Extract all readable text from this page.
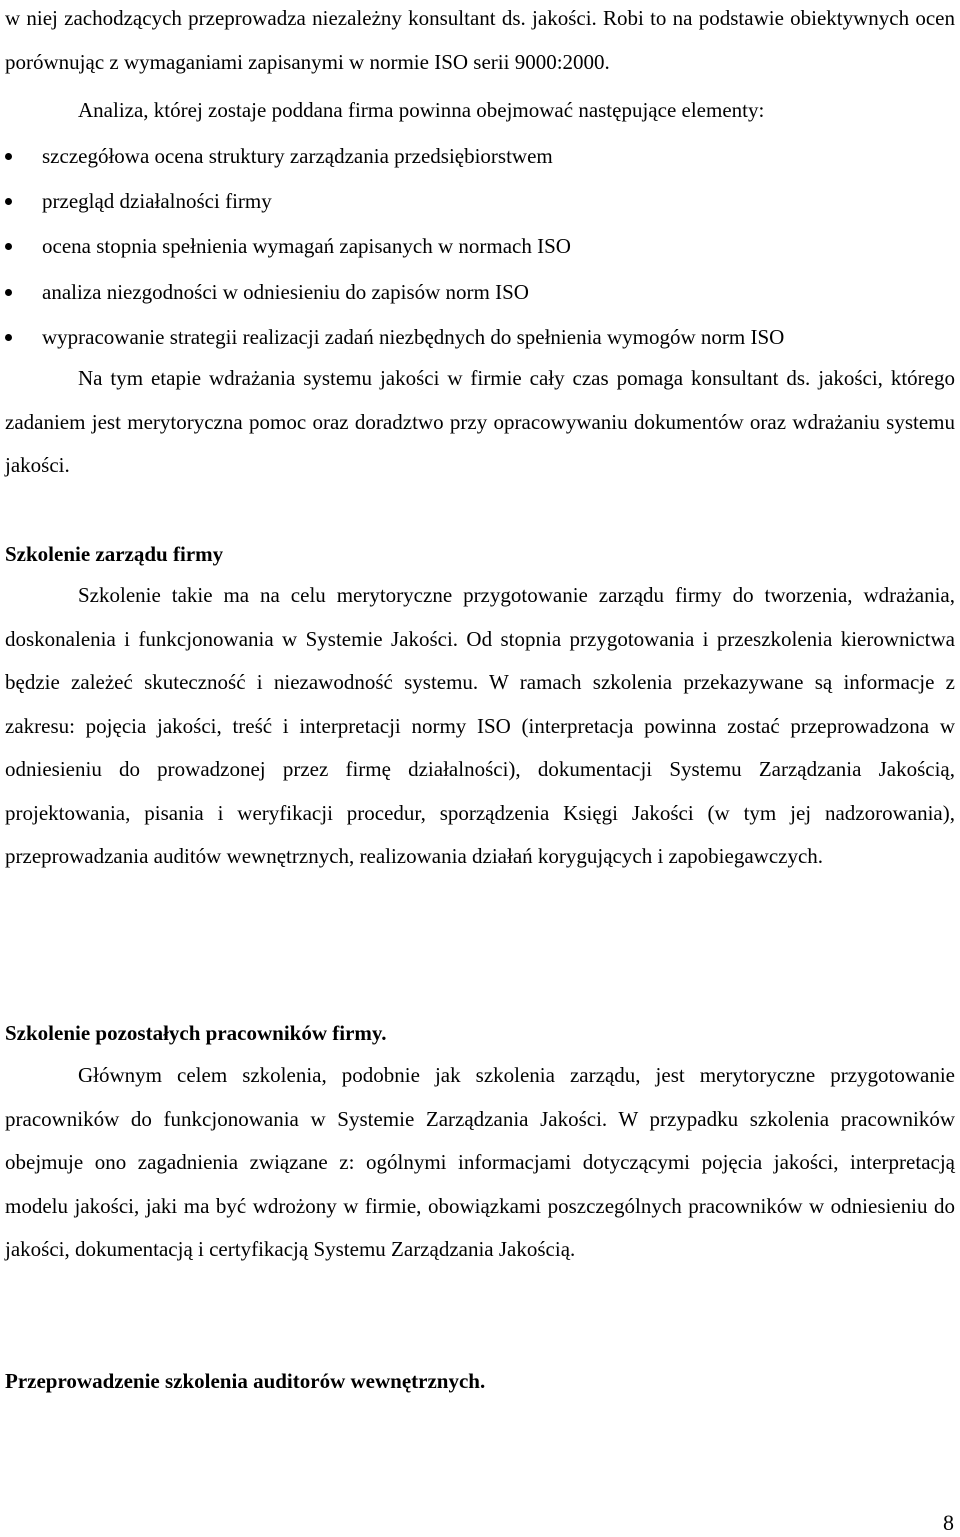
w niej zachodzących przeprowadza niezależny konsultant ds. jakości. Robi to na podstawie obiektywnych ocen porównując z wymaganiami zapisanymi w normie ISO serii 9000:2000.

Analiza, której zostaje poddana firma powinna obejmować następujące elementy:

szczegółowa ocena struktury zarządzania przedsiębiorstwem
przegląd działalności firmy
ocena stopnia spełnienia wymagań zapisanych w normach ISO
analiza niezgodności w odniesieniu do zapisów norm ISO
wypracowanie strategii realizacji zadań niezbędnych do spełnienia wymogów norm ISO

Na tym etapie wdrażania systemu jakości w firmie cały czas pomaga konsultant ds. jakości, którego zadaniem jest merytoryczna pomoc oraz doradztwo przy opracowywaniu dokumentów oraz wdrażaniu systemu jakości.

Szkolenie zarządu firmy

Szkolenie takie ma na celu merytoryczne przygotowanie zarządu firmy do tworzenia, wdrażania, doskonalenia i funkcjonowania w Systemie Jakości. Od stopnia przygotowania i przeszkolenia kierownictwa będzie zależeć skuteczność i niezawodność systemu. W ramach szkolenia przekazywane są informacje z zakresu: pojęcia jakości, treść i interpretacji normy ISO (interpretacja powinna zostać przeprowadzona w odniesieniu do prowadzonej przez firmę działalności), dokumentacji Systemu Zarządzania Jakością, projektowania, pisania i weryfikacji procedur, sporządzenia Księgi Jakości (w tym jej nadzorowania), przeprowadzania auditów wewnętrznych, realizowania działań korygujących i zapobiegawczych.

Szkolenie pozostałych pracowników firmy.

Głównym celem szkolenia, podobnie jak szkolenia zarządu, jest merytoryczne przygotowanie pracowników do funkcjonowania w Systemie Zarządzania Jakości. W przypadku szkolenia pracowników obejmuje ono zagadnienia związane z: ogólnymi informacjami dotyczącymi pojęcia jakości, interpretacją modelu jakości, jaki ma być wdrożony w firmie, obowiązkami poszczególnych pracowników w odniesieniu do jakości, dokumentacją i certyfikacją Systemu Zarządzania Jakością.

Przeprowadzenie szkolenia auditorów wewnętrznych.
8
